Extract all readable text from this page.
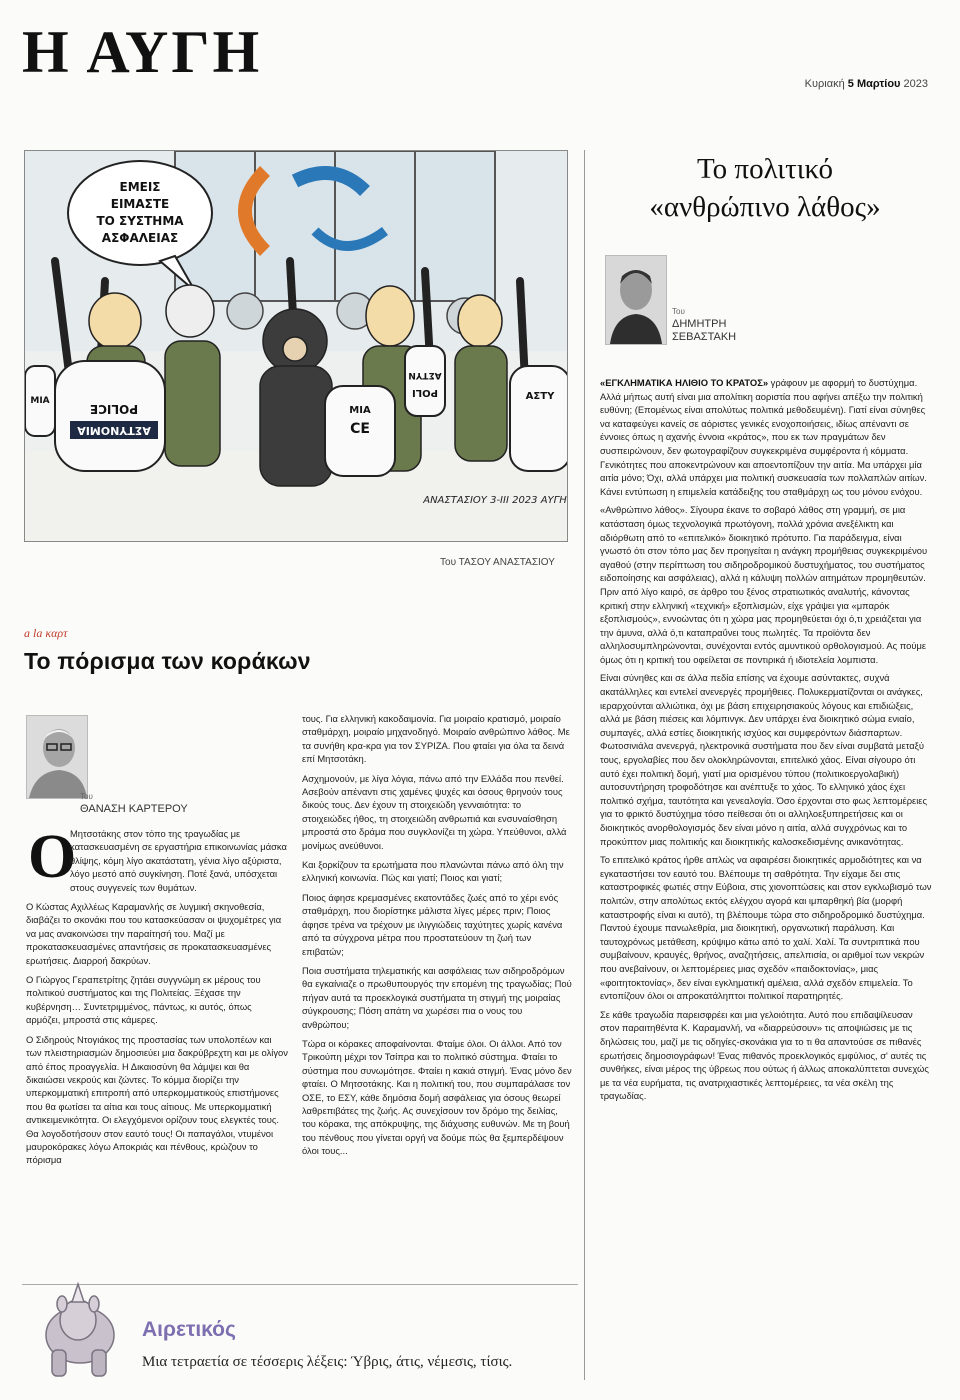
Η ΑΥΓΗ	Κυριακή 5 Μαρτίου 2023
ΕΜΕΙΣ
ΕΙΜΑΣΤΕ
ΤΟ ΣΥΣΤΗΜΑ
ΑΣΦΑΛΕΙΑΣ
ΑΣΤΥΝΟΜΙΑ
POLICE
ΜΙΑ
ΑΣΤΥΝ
POLI	ΑΣΤΥ
ΜΙΑ
CE
ΑΝΑΣΤΑΣΙΟΥ 3-III 2023 ΑΥΓΗ
Του ΤΑΣΟΥ ΑΝΑΣΤΑΣΙΟΥ
Το πολιτικό
«ανθρώπινο λάθος»
Του
ΔΗΜΗΤΡΗ
ΣΕΒΑΣΤΑΚΗ

«ΕΓΚΛΗΜΑΤΙΚΑ ΗΛΙΘΙΟ ΤΟ ΚΡΑΤΟΣ» γράφουν με αφορμή το δυστύχημα. Αλλά μήπως αυτή είναι μια απολίτικη αοριστία που αφήνει απέξω την πολιτική ευθύνη; (Επομένως είναι απολύτως πολιτικά μεθοδευμένη). Γιατί είναι σύνηθες να καταφεύγει κανείς σε αόριστες γενικές ενοχοποιήσεις, ιδίως απέναντι σε έννοιες όπως η αχανής έννοια «κράτος», που εκ των πραγμάτων δεν συσπειρώνουν, δεν φωτογραφίζουν συγκεκριμένα συμφέροντα ή κόμματα. Γενικότητες που αποκεντρώνουν και αποεντοπίζουν την αιτία. Μα υπάρχει μία αιτία μόνο; Όχι, αλλά υπάρχει μια πολιτική συσκευασία των πολλαπλών αιτίων. Κάνει εντύπωση η επιμελεία κατάδειξης του σταθμάρχη ως του μόνου ενόχου.

«Ανθρώπινο λάθος». Σίγουρα έκανε το σοβαρό λάθος στη γραμμή, σε μια κατάσταση όμως τεχνολογικά πρωτόγονη, πολλά χρόνια ανεξέλικτη και αδιόρθωτη από το «επιτελικό» διοικητικό πρότυπο. Για παράδειγμα, είναι γνωστό ότι στον τόπο μας δεν προηγείται η ανάγκη προμήθειας συγκεκριμένου αγαθού (στην περίπτωση του σιδηροδρομικού δυστυχήματος, του συστήματος ειδοποίησης και ασφάλειας), αλλά η κάλυψη πολλών αιτημάτων προμηθευτών. Πριν από λίγο καιρό, σε άρθρο του ξένος στρατιωτικός αναλυτής, κάνοντας κριτική στην ελληνική «τεχνική» εξοπλισμών, είχε γράψει για «μπαρόκ εξοπλισμούς», εννοώντας ότι η χώρα μας προμηθεύεται όχι ό,τι χρειάζεται για την άμυνα, αλλά ό,τι καταπραΰνει τους πωλητές. Τα προϊόντα δεν αλληλοσυμπληρώνονται, συνέχονται εντός αμυντικού ορθολογισμού. Ας πούμε όμως ότι η κριτική του οφείλεται σε ποντιρικά ή ιδιοτελεία λομπιστα.

Είναι σύνηθες και σε άλλα πεδία επίσης να έχουμε ασύντακτες, συχνά ακατάλληλες και εντελεί ανενεργές προμήθειες. Πολυκερματίζονται οι ανάγκες, ιεραρχούνται αλλιώτικα, όχι με βάση επιχειρησιακούς λόγους και επιδιώξεις, αλλά με βάση πιέσεις και λόμπινγκ. Δεν υπάρχει ένα διοικητικό σώμα ενιαίο, συμπαγές, αλλά εστίες διοικητικής ισχύος και συμφερόντων διάσπαρτων. Φωτοσινιάλα ανενεργά, ηλεκτρονικά συστήματα που δεν είναι συμβατά μεταξύ τους, εργολαβίες που δεν ολοκληρώνονται, επιτελικό χάος. Είναι σίγουρο ότι αυτό έχει πολιτική δομή, γιατί μια ορισμένου τύπου (πολιτικοεργολαβική) αυτοσυντήρηση τροφοδότησε και ανέπτυξε το χάος. Το ελληνικό χάος έχει πολιτικό σχήμα, ταυτότητα και γενεαλογία. Όσο έρχονται στο φως λεπτομέρειες για το φρικτό δυστύχημα τόσο πείθεσαι ότι οι αλληλοεξυπηρετήσεις και οι διοικητικός ανορθολογισμός δεν είναι μόνο η αιτία, αλλά συγχρόνως και το προκύπτον μιας πολιτικής και διοικητικής καλοσκεδισμένης ανικανότητας.

Το επιτελικό κράτος ήρθε απλώς να αφαιρέσει διοικητικές αρμοδιότητες και να εγκαταστήσει τον εαυτό του. Βλέπουμε τη σαθρότητα. Την είχαμε δει στις καταστροφικές φωτιές στην Εύβοια, στις χιονοπτώσεις και στον εγκλωβισμό των πολιτών, στην απολύτως εκτός ελέγχου αγορά και ιμπαρθηκή βία (μορφή καταστροφής είναι κι αυτό), τη βλέπουμε τώρα στο σιδηροδρομικό δυστύχημα. Παντού έχουμε πανωλεθρία, μια διοικητική, οργανωτική παράλυση. Και ταυτοχρόνως μετάθεση, κρύψιμο κάτω από το χαλί. Χαλί. Τα συντριπτικά που συμβαίνουν, κραυγές, θρήνος, αναζητήσεις, απελπισία, οι αριθμοί των νεκρών που ανεβαίνουν, οι λεπτομέρειες μιας σχεδόν «παιδοκτονίας», μιας «φοιτητοκτονίας», δεν είναι εγκληματική αμέλεια, αλλά σχεδόν επιμελεία. Το εντοπίζουν όλοι οι απροκατάληπτοι πολιτικοί παρατηρητές.

Σε κάθε τραγωδία παρεισφρέει και μια γελοιότητα. Αυτό που επιδαψίλευσαν στον παραιτηθέντα Κ. Καραμανλή, να «διαρρεύσουν» τις αποψιώσεις με τις δηλώσεις του, μαζί με τις οδηγίες-σκονάκια για το τι θα απαντούσε σε πιθανές ερωτήσεις δημοσιογράφων! Ένας πιθανός προεκλογικός εμφύλιος, σ' αυτές τις συνθήκες, είναι μέρος της ύβρεως που ούτως ή άλλως αποκαλύπτεται συνεχώς με τα νέα ευρήματα, τις ανατριχιαστικές λεπτομέρειες, τα νέα σκέλη της τραγωδίας.

a la καρτ
Το πόρισμα των κοράκων
Του
ΘΑΝΑΣΗ ΚΑΡΤΕΡΟΥ
Ο

Μητσοτάκης στον τόπο της τραγωδίας με κατασκευασμένη σε εργαστήρια επικοινωνίας μάσκα θλίψης, κόμη λίγο ακατάστατη, γένια λίγο αξύριστα, λόγο μεστό από συγκίνηση. Ποτέ ξανά, υπόσχεται στους συγγενείς των θυμάτων.

Ο Κώστας Αχιλλέως Καραμανλής σε λυγμική σκηνοθεσία, διαβάζει το σκονάκι που του κατασκεύασαν οι ψυχομέτρες για να μας ανακοινώσει την παραίτησή του. Μαζί με προκατασκευασμένες απαντήσεις σε προκατασκευασμένες ερωτήσεις. Διαρροή δακρύων.

Ο Γιώργος Γεραπετρίτης ζητάει συγγνώμη εκ μέρους του πολιτικού συστήματος και της Πολιτείας. Ξέχασε την κυβέρνηση… Συντετριμμένος, πάντως, κι αυτός, όπως αρμόζει, μπροστά στις κάμερες.

Ο Σιδηρούς Ντογιάκος της προστασίας των υπολοπέων και των πλειστηριασμών δημοσιεύει μια δακρύβρεχτη και με ολίγον από έπος προαγγελία. Η Δικαιοσύνη θα λάμψει και θα δικαιώσει νεκρούς και ζώντες. Το κόμμα διορίζει την υπερκομματική επιτροπή από υπερκομματικούς επιστήμονες που θα φωτίσει τα αίτια και τους αίτιους. Με υπερκομματική αντικειμενικότητα. Οι ελεγχόμενοι ορίζουν τους ελεγκτές τους. Θα λογοδοτήσουν στον εαυτό τους! Οι παπαγάλοι, ντυμένοι μαυροκόρακες λόγω Αποκριάς και πένθους, κρώζουν το πόρισμα

τους. Για ελληνική κακοδαιμονία. Για μοιραίο κρατισμό, μοιραίο σταθμάρχη, μοιραίο μηχανοδηγό. Μοιραίο ανθρώπινο λάθος. Με τα συνήθη κρα-κρα για τον ΣΥΡΙΖΑ. Που φταίει για όλα τα δεινά επί Μητσοτάκη.

Ασχημονούν, με λίγα λόγια, πάνω από την Ελλάδα που πενθεί. Ασεβούν απέναντι στις χαμένες ψυχές και όσους θρηνούν τους δικούς τους. Δεν έχουν τη στοιχειώδη γενναιότητα: το στοιχειώδες ήθος, τη στοιχειώδη ανθρωπιά και ενσυναίσθηση μπροστά στο δράμα που συγκλονίζει τη χώρα. Υπεύθυνοι, αλλά μονίμως ανεύθυνοι.

Και ξορκίζουν τα ερωτήματα που πλανώνται πάνω από όλη την ελληνική κοινωνία. Πώς και γιατί; Ποιος και γιατί;

Ποιος άφησε κρεμασμένες εκατοντάδες ζωές από το χέρι ενός σταθμάρχη, που διορίστηκε μάλιστα λίγες μέρες πριν; Ποιος άφησε τρένα να τρέχουν με ιλιγγιώδεις ταχύτητες χωρίς κανένα από τα σύγχρονα μέτρα που προστατεύουν τη ζωή των επιβατών;

Ποια συστήματα τηλεματικής και ασφάλειας των σιδηροδρόμων θα εγκαίνιαζε ο πρωθυπουργός την επομένη της τραγωδίας; Πού πήγαν αυτά τα προεκλογικά συστήματα τη στιγμή της μοιραίας σύγκρουσης; Πόση απάτη να χωρέσει πια ο νους του ανθρώπου;

Τώρα οι κόρακες αποφαίνονται. Φταίμε όλοι. Οι άλλοι. Από τον Τρικούπη μέχρι τον Τσίπρα και το πολιτικό σύστημα. Φταίει το σύστημα που συνωμότησε. Φταίει η κακιά στιγμή. Ένας μόνο δεν φταίει. Ο Μητσοτάκης. Και η πολιτική του, που συμπαράλασε τον ΟΣΕ, το ΕΣΥ, κάθε δημόσια δομή ασφάλειας για όσους θεωρεί λαθρεπιβάτες της ζωής. Ας συνεχίσουν τον δρόμο της δειλίας, του κόρακα, της απόκρυψης, της διάχυσης ευθυνών. Με τη βουή του πένθους που γίνεται οργή να δούμε πώς θα ξεμπερδέψουν όλοι τους...

Αιρετικός
Μια τετραετία σε τέσσερις λέξεις: Ύβρις, άτις, νέμεσις, τίσις.
